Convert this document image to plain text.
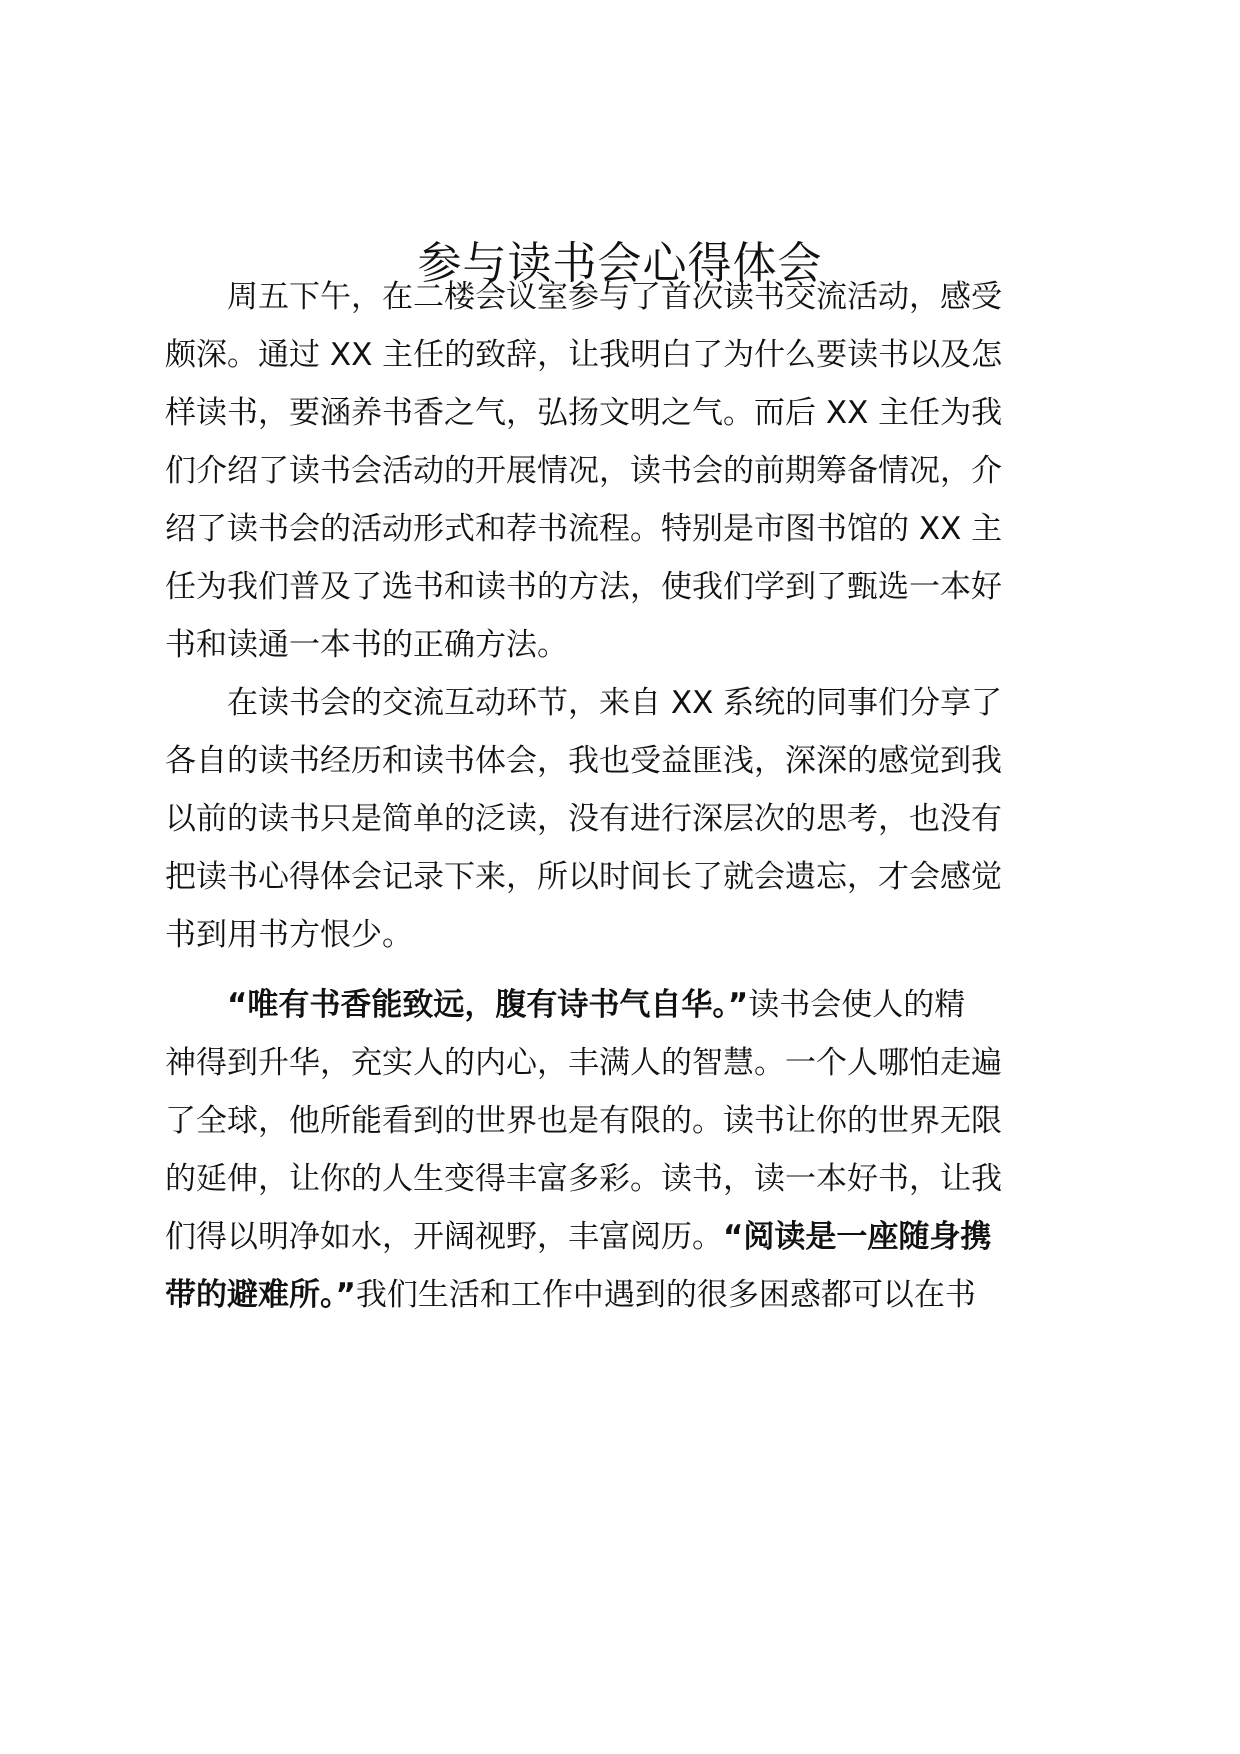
参与读书会心得体会
　　周五下午，在二楼会议室参与了首次读书交流活动，感受
颇深。通过 XX 主任的致辞，让我明白了为什么要读书以及怎
样读书，要涵养书香之气，弘扬文明之气。而后 XX 主任为我
们介绍了读书会活动的开展情况，读书会的前期筹备情况，介
绍了读书会的活动形式和荐书流程。特别是市图书馆的 XX 主
任为我们普及了选书和读书的方法，使我们学到了甄选一本好
书和读通一本书的正确方法。
　　在读书会的交流互动环节，来自 XX 系统的同事们分享了
各自的读书经历和读书体会，我也受益匪浅，深深的感觉到我
以前的读书只是简单的泛读，没有进行深层次的思考，也没有
把读书心得体会记录下来，所以时间长了就会遗忘，才会感觉
书到用书方恨少。
　　“唯有书香能致远，腹有诗书气自华。”读书会使人的精
神得到升华，充实人的内心，丰满人的智慧。一个人哪怕走遍
了全球，他所能看到的世界也是有限的。读书让你的世界无限
的延伸，让你的人生变得丰富多彩。读书，读一本好书，让我
们得以明净如水，开阔视野，丰富阅历。“阅读是一座随身携
带的避难所。”我们生活和工作中遇到的很多困惑都可以在书
